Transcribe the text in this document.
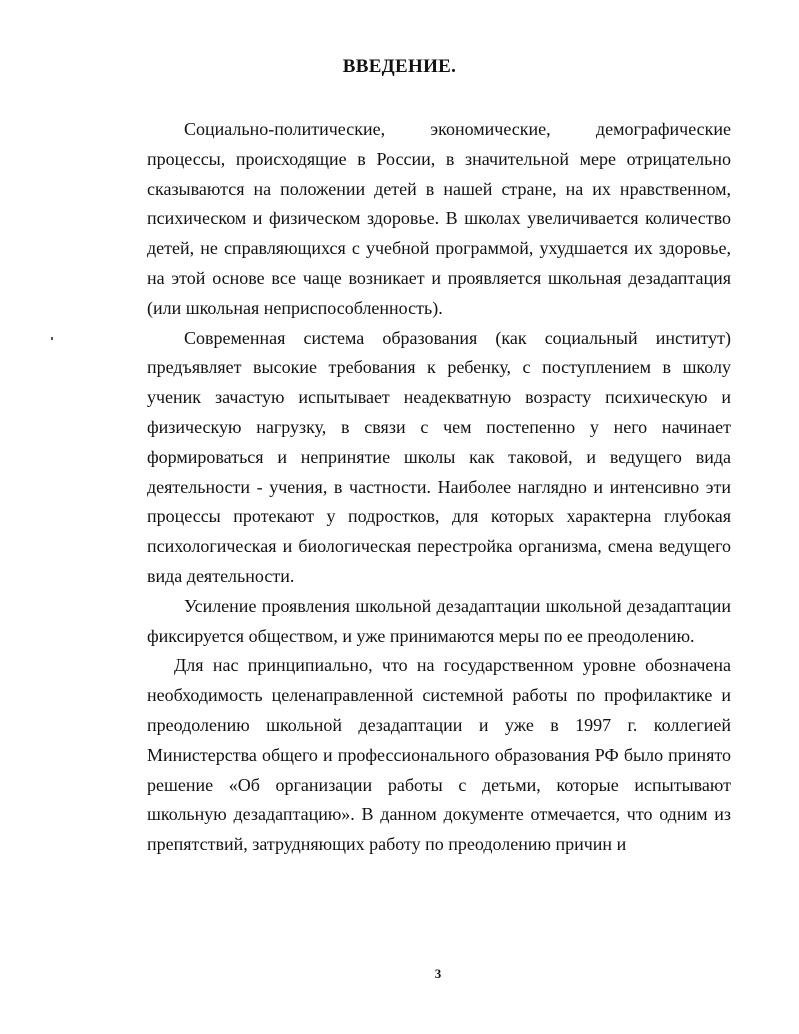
ВВЕДЕНИЕ.

Социально-политические, экономические, демографические процессы, происходящие в России, в значительной мере отрицательно сказываются на положении детей в нашей стране, на их нравственном, психическом и физическом здоровье. В школах увеличивается количество детей, не справляющихся с учебной программой, ухудшается их здоровье, на этой основе все чаще возникает и проявляется школьная дезадаптация (или школьная неприспособленность).

Современная система образования (как социальный институт) предъявляет высокие требования к ребенку, с поступлением в школу ученик зачастую испытывает неадекватную возрасту психическую и физическую нагрузку, в связи с чем постепенно у него начинает формироваться и непринятие школы как таковой, и ведущего вида деятельности - учения, в частности. Наиболее наглядно и интенсивно эти процессы протекают у подростков, для которых характерна глубокая психологическая и биологическая перестройка организма, смена ведущего вида деятельности.

Усиление проявления школьной дезадаптации школьной дезадаптации фиксируется обществом, и уже принимаются меры по ее преодолению.

Для нас принципиально, что на государственном уровне обозначена необходимость целенаправленной системной работы по профилактике и преодолению школьной дезадаптации и уже в 1997 г. коллегией Министерства общего и профессионального образования РФ было принято решение «Об организации работы с детьми, которые испытывают школьную дезадаптацию». В данном документе отмечается, что одним из препятствий, затрудняющих работу по преодолению причин и

3
